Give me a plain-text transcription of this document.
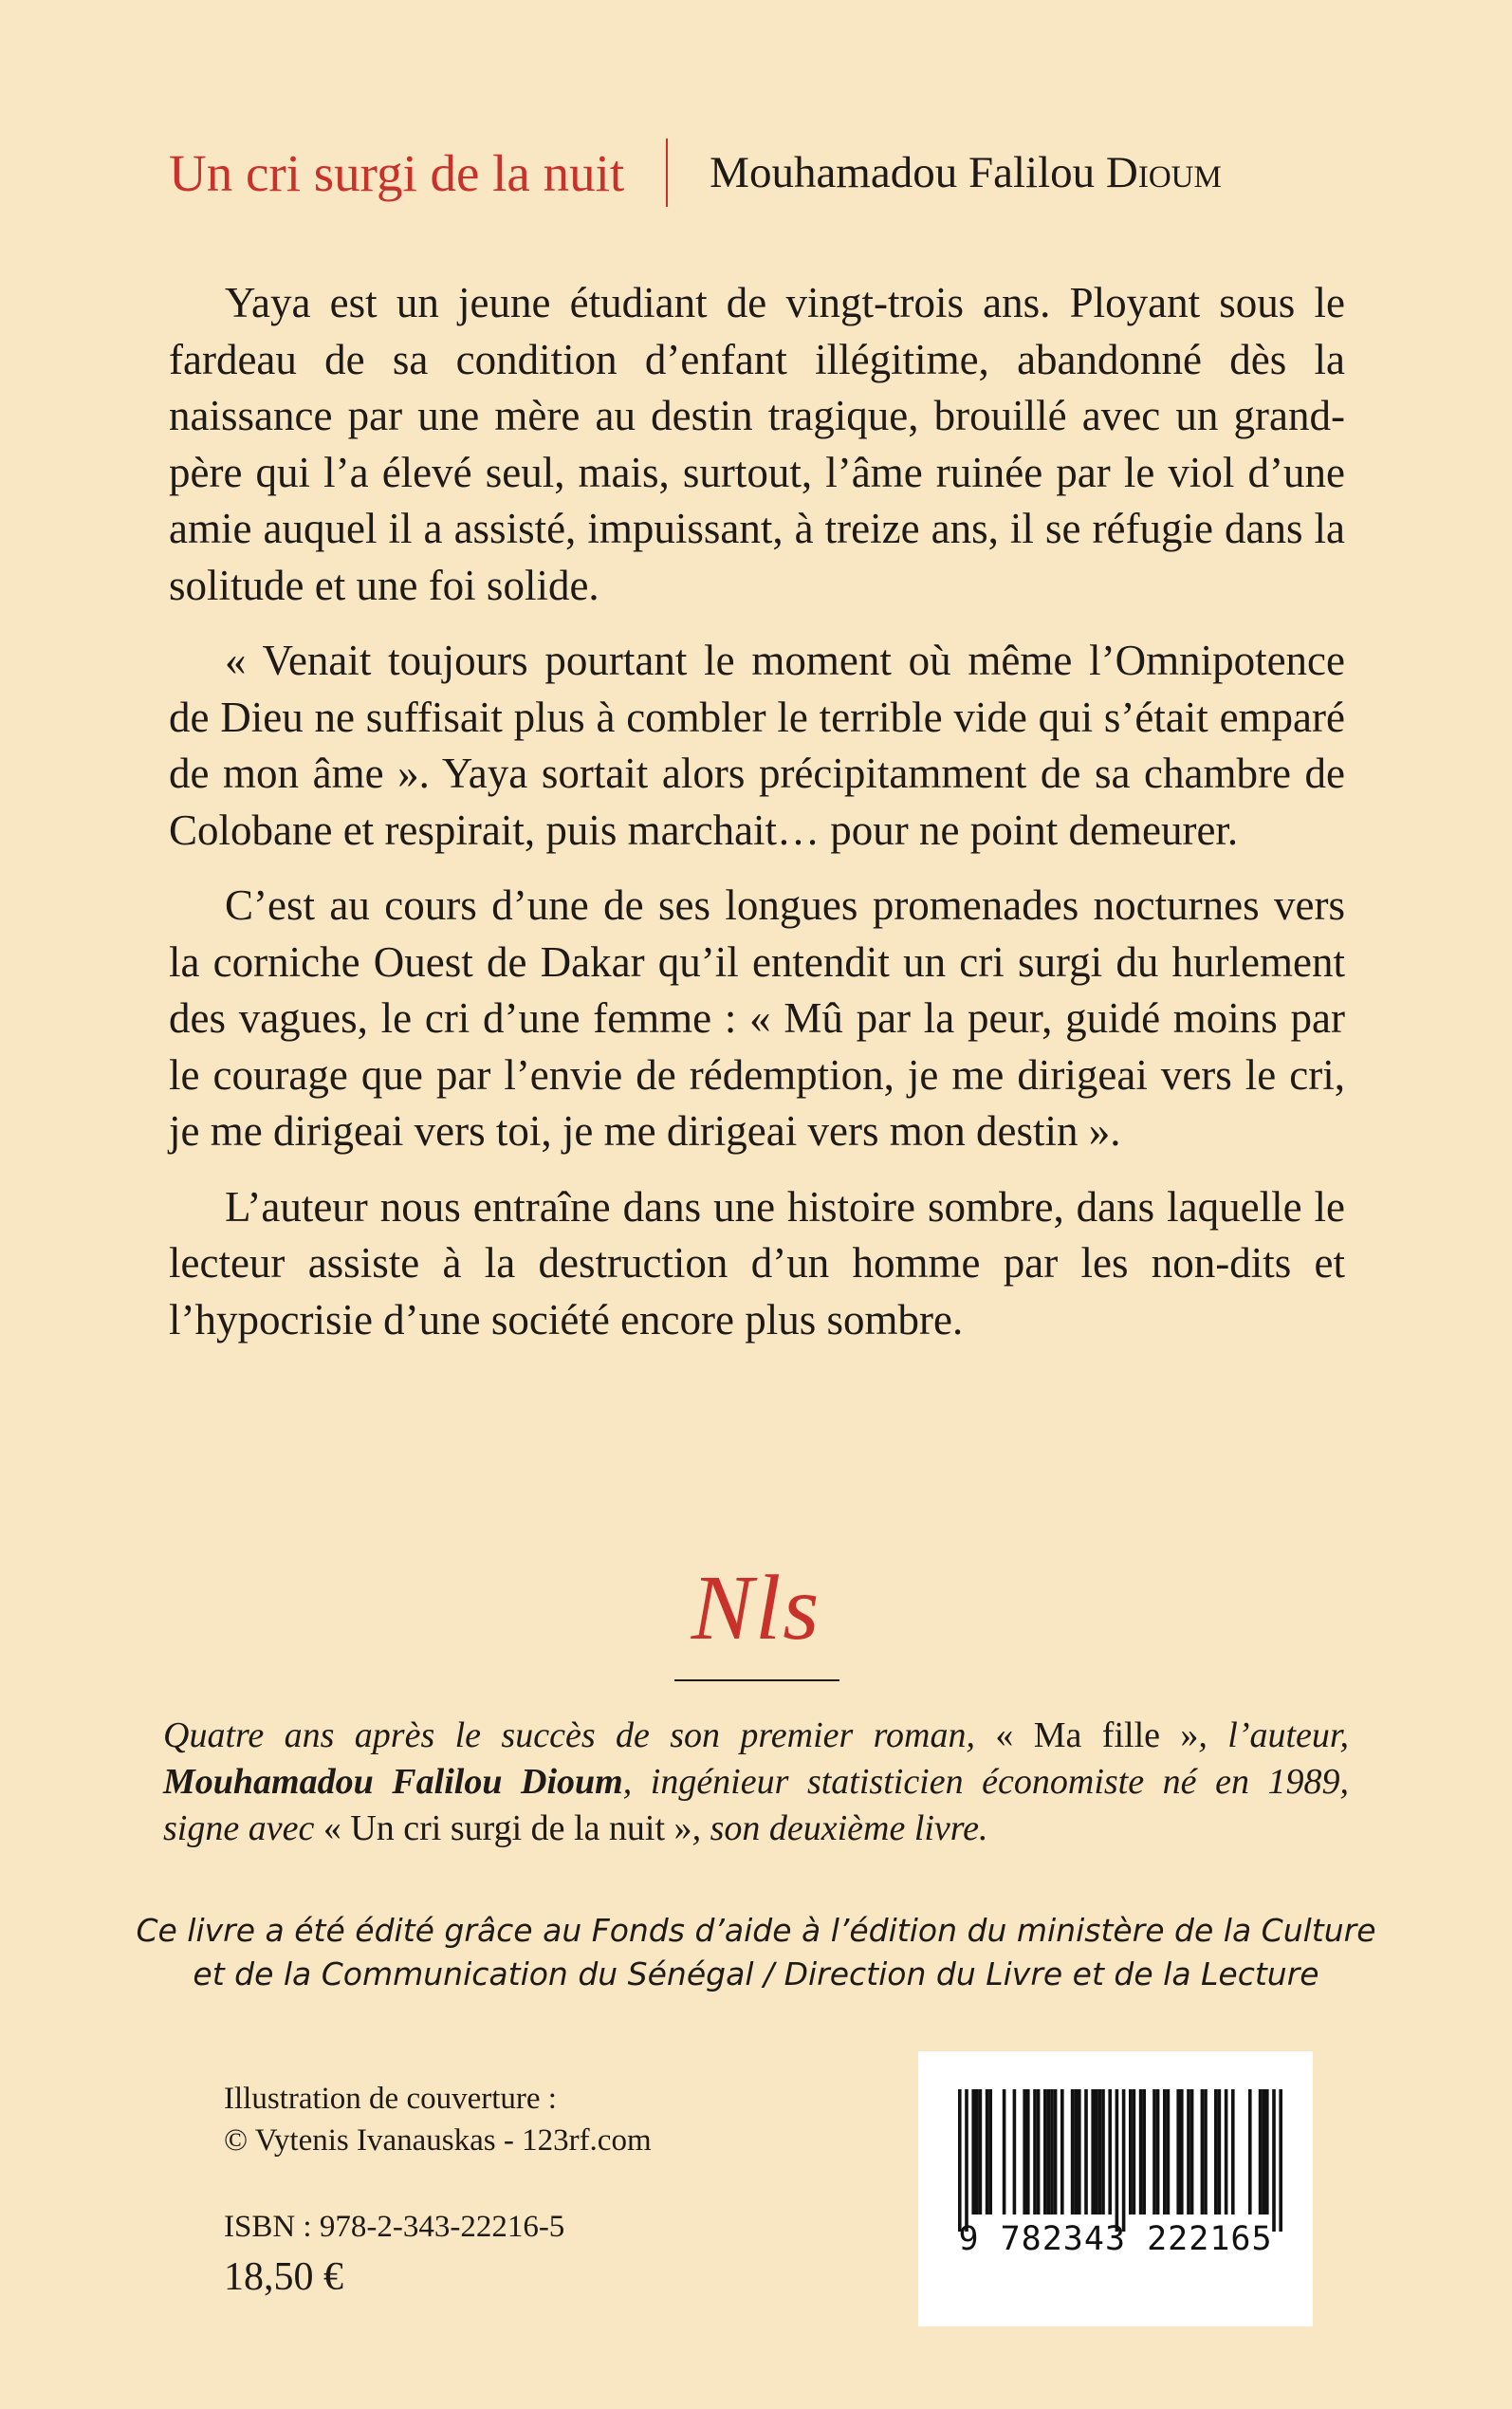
Un cri surgi de la nuit Mouhamadou Falilou Dioum

Yaya est un jeune étudiant de vingt-trois ans. Ployant sous le fardeau de sa condition d’enfant illégitime, abandonné dès la naissance par une mère au destin tragique, brouillé avec un grand-père qui l’a élevé seul, mais, surtout, l’âme ruinée par le viol d’une amie auquel il a assisté, impuissant, à treize ans, il se réfugie dans la solitude et une foi solide.

« Venait toujours pourtant le moment où même l’Omnipotence de Dieu ne suffisait plus à combler le terrible vide qui s’était emparé de mon âme ». Yaya sortait alors précipitamment de sa chambre de Colobane et respirait, puis marchait… pour ne point demeurer.

C’est au cours d’une de ses longues promenades nocturnes vers la corniche Ouest de Dakar qu’il entendit un cri surgi du hurlement des vagues, le cri d’une femme : « Mû par la peur, guidé moins par le courage que par l’envie de rédemption, je me dirigeai vers le cri, je me dirigeai vers toi, je me dirigeai vers mon destin ».

L’auteur nous entraîne dans une histoire sombre, dans laquelle le lecteur assiste à la destruction d’un homme par les non-dits et l’hypocrisie d’une société encore plus sombre.

Nls

Quatre ans après le succès de son premier roman, « Ma fille », l’auteur, Mouhamadou Falilou Dioum, ingénieur statisticien économiste né en 1989, signe avec « Un cri surgi de la nuit », son deuxième livre.

Ce livre a été édité grâce au Fonds d’aide à l’édition du ministère de la Culture
et de la Communication du Sénégal / Direction du Livre et de la Lecture
Illustration de couverture :
© Vytenis Ivanauskas - 123rf.com
ISBN : 978-2-343-22216-5
18,50 €
9 782343 222165
